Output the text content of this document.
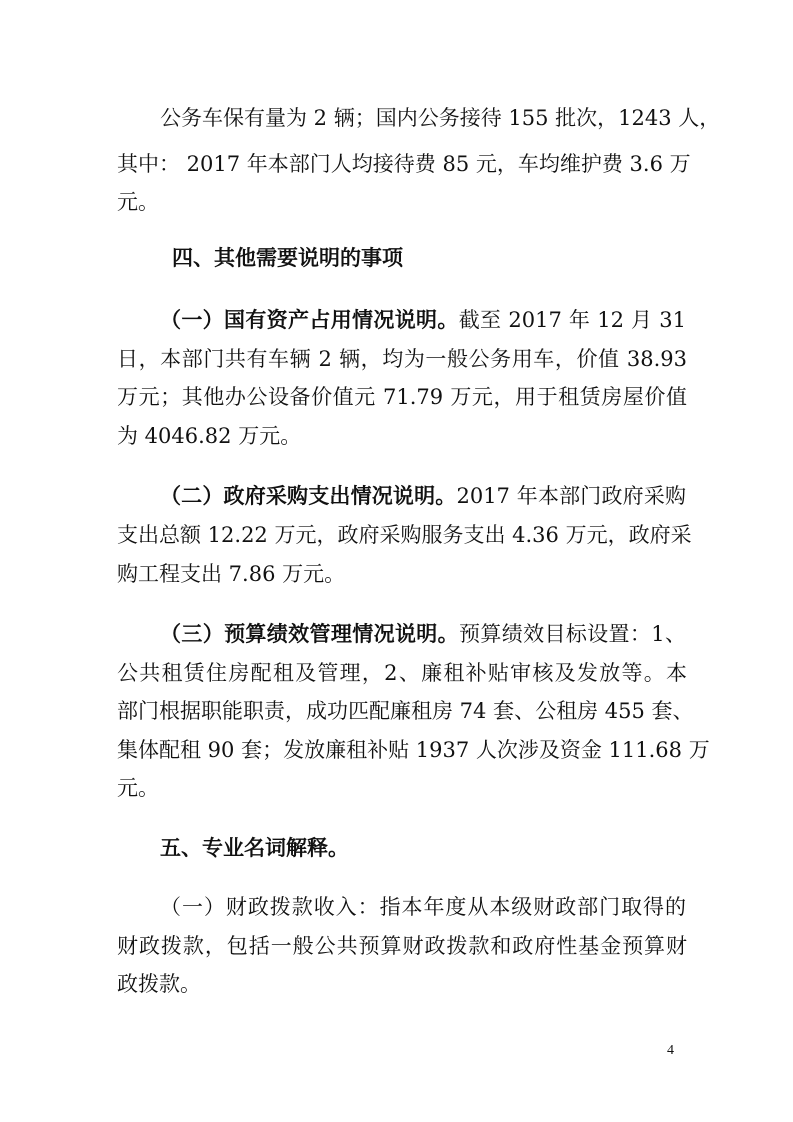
公务车保有量为 2 辆；国内公务接待 155 批次，1243 人，

其中： 2017 年本部门人均接待费 85 元，车均维护费 3.6 万

元。

四、其他需要说明的事项

（一）国有资产占用情况说明。截至 2017 年 12 月 31

日，本部门共有车辆 2 辆，均为一般公务用车，价值 38.93

万元；其他办公设备价值元 71.79 万元，用于租赁房屋价值

为 4046.82 万元。

（二）政府采购支出情况说明。2017 年本部门政府采购

支出总额 12.22 万元，政府采购服务支出 4.36 万元，政府采

购工程支出 7.86 万元。

（三）预算绩效管理情况说明。预算绩效目标设置：1、

公共租赁住房配租及管理，2、廉租补贴审核及发放等。本

部门根据职能职责，成功匹配廉租房 74 套、公租房 455 套、

集体配租 90 套；发放廉租补贴 1937 人次涉及资金 111.68 万

元。

五、专业名词解释。

（一）财政拨款收入：指本年度从本级财政部门取得的

财政拨款，包括一般公共预算财政拨款和政府性基金预算财

政拨款。

4
